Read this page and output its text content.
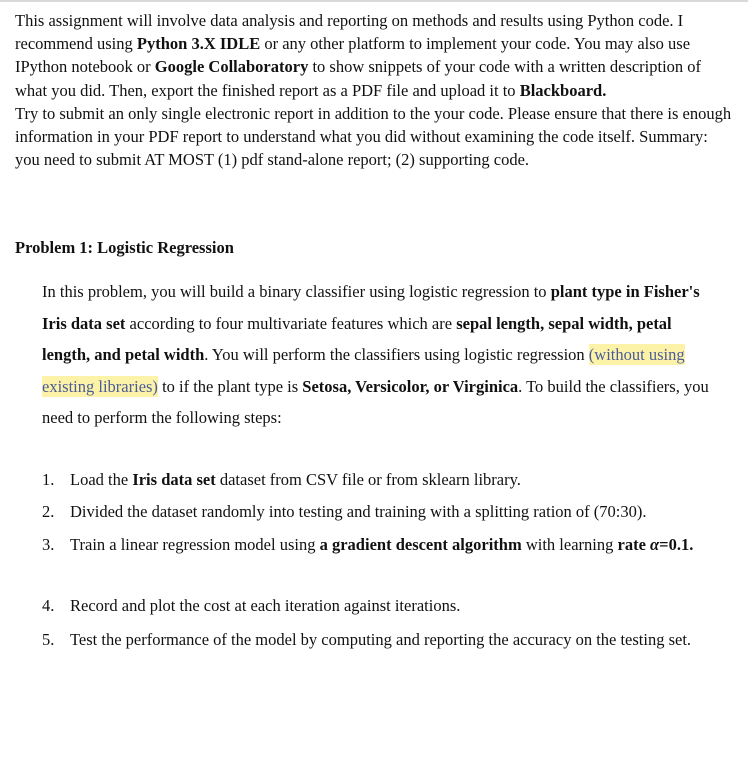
This assignment will involve data analysis and reporting on methods and results using Python code. I recommend using Python 3.X IDLE or any other platform to implement your code. You may also use IPython notebook or Google Collaboratory to show snippets of your code with a written description of what you did. Then, export the finished report as a PDF file and upload it to Blackboard.

Try to submit an only single electronic report in addition to the your code. Please ensure that there is enough information in your PDF report to understand what you did without examining the code itself. Summary: you need to submit AT MOST (1) pdf stand-alone report; (2) supporting code.

Problem 1: Logistic Regression

In this problem, you will build a binary classifier using logistic regression to plant type in Fisher's Iris data set according to four multivariate features which are sepal length, sepal width, petal length, and petal width. You will perform the classifiers using logistic regression (without using existing libraries) to if the plant type is Setosa, Versicolor, or Virginica. To build the classifiers, you need to perform the following steps:

1. Load the Iris data set dataset from CSV file or from sklearn library.
2. Divided the dataset randomly into testing and training with a splitting ration of (70:30).
3. Train a linear regression model using a gradient descent algorithm with learning rate α=0.1.
4. Record and plot the cost at each iteration against iterations.
5. Test the performance of the model by computing and reporting the accuracy on the testing set.
